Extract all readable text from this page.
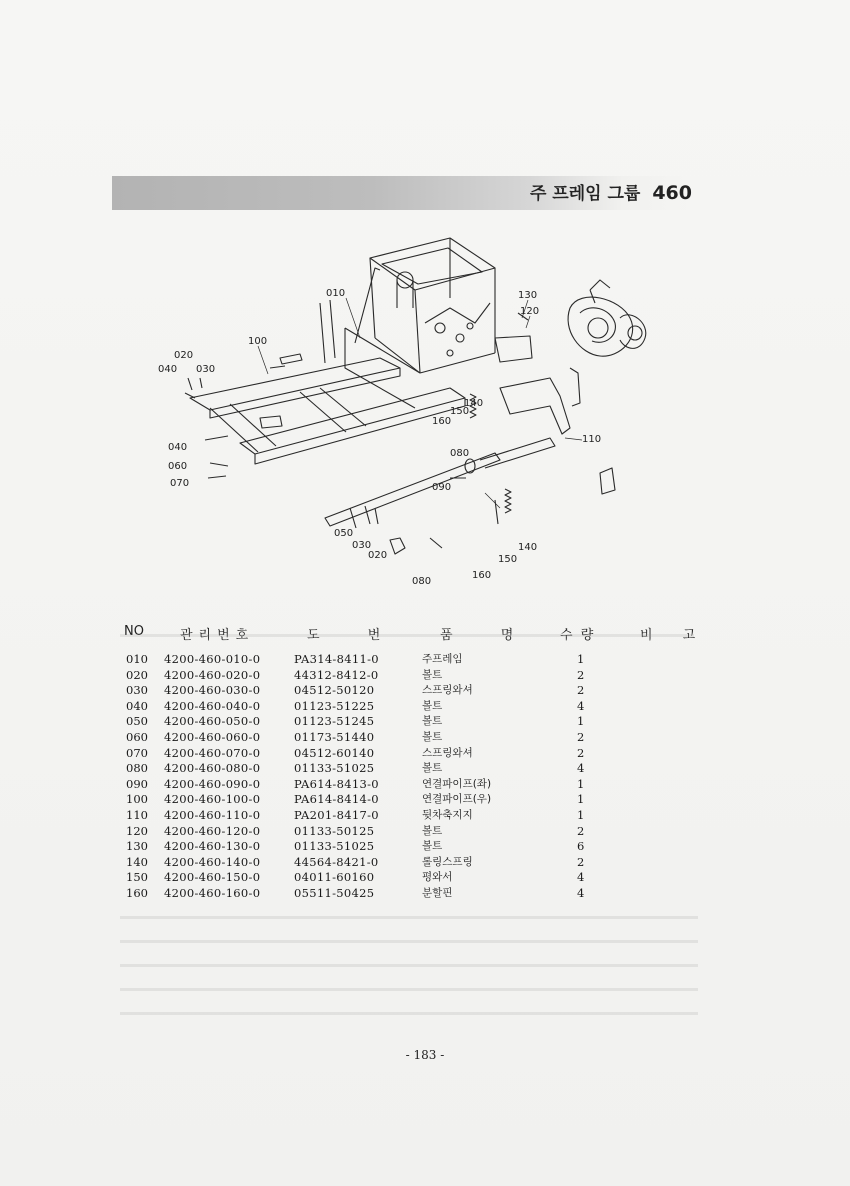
주 프레임 그룹 460
010
100
020
040 030
040
060
070
130
120
110
150
140
160
080
090
050
030
020
080
160
150
140
NO	관리번호	도 번	품 명	수 량	비 고
010 4200-460-010-0	PA314-8411-0	주프레임	1
020 4200-460-020-0	44312-8412-0	볼트	2
030 4200-460-030-0	04512-50120	스프링와셔	2
040 4200-460-040-0	01123-51225	볼트	4
050 4200-460-050-0	01123-51245	볼트	1
060 4200-460-060-0	01173-51440	볼트	2
070 4200-460-070-0	04512-60140	스프링와셔	2
080 4200-460-080-0	01133-51025	볼트	4
090 4200-460-090-0	PA614-8413-0	연결파이프(좌)	1
100 4200-460-100-0	PA614-8414-0	연결파이프(우)	1
110 4200-460-110-0	PA201-8417-0	뒷차축지지	1
120 4200-460-120-0	01133-50125	볼트	2
130 4200-460-130-0	01133-51025	볼트	6
140 4200-460-140-0	44564-8421-0	롤링스프링	2
150 4200-460-150-0	04011-60160	평와서	4
160 4200-460-160-0	05511-50425	분할핀	4
- 183 -
